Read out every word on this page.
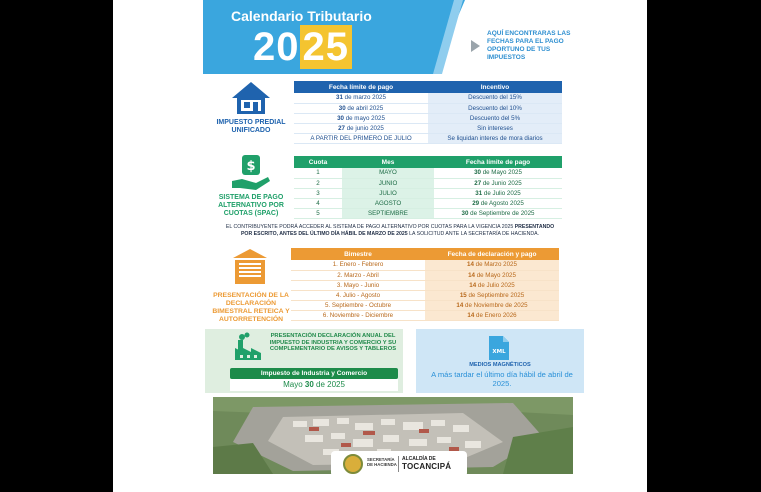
Calendario Tributario
2025	AQUÍ ENCONTRARAS LAS FECHAS PARA EL PAGO OPORTUNO DE TUS IMPUESTOS
IMPUESTO PREDIAL UNIFICADO
Fecha límite de pago	Incentivo
31 de marzo 2025	Descuento del 15%
30 de abril 2025	Descuento del 10%
30 de mayo 2025	Descuento del 5%
27 de junio 2025	Sin intereses
A PARTIR DEL PRIMERO DE JULIO	Se liquidan interes de mora diarios
$
SISTEMA DE PAGO ALTERNATIVO POR CUOTAS (SPAC)
Cuota	Mes	Fecha límite de pago
1	MAYO	30 de Mayo 2025
2	JUNIO	27 de Junio 2025
3	JULIO	31 de Julio 2025
4	AGOSTO	29 de Agosto 2025
5	SEPTIEMBRE	30 de Septiembre de 2025
EL CONTRIBUYENTE PODRÁ ACCEDER AL SISTEMA DE PAGO ALTERNATIVO POR CUOTAS PARA LA VIGENCIA 2025 PRESENTANDO POR ESCRITO, ANTES DEL ÚLTIMO DÍA HÁBIL DE MARZO DE 2025 LA SOLICITUD ANTE LA SECRETARÍA DE HACIENDA.
PRESENTACIÓN DE LA DECLARACIÓN BIMESTRAL RETEICA Y AUTORRETENCIÓN
Bimestre	Fecha de declaración y pago
1. Enero - Febrero	14 de Marzo 2025
2. Marzo - Abril	14 de Mayo 2025
3. Mayo - Junio	14 de Julio 2025
4. Julio - Agosto	15 de Septiembre 2025
5. Septiembre - Octubre	14 de Noviembre de 2025
6. Noviembre - Diciembre	14 de Enero 2026
PRESENTACIÓN DECLARACIÓN ANUAL DEL IMPUESTO DE INDUSTRIA Y COMERCIO Y SU COMPLEMENTARIO DE AVISOS Y TABLEROS
Impuesto de Industria y Comercio
Mayo 30 de 2025
XML
MEDIOS MAGNÉTICOS
A más tardar el último día hábil de abril de 2025.
SECRETARÍA DE HACIENDA
ALCALDÍA DE
TOCANCIPÁ
